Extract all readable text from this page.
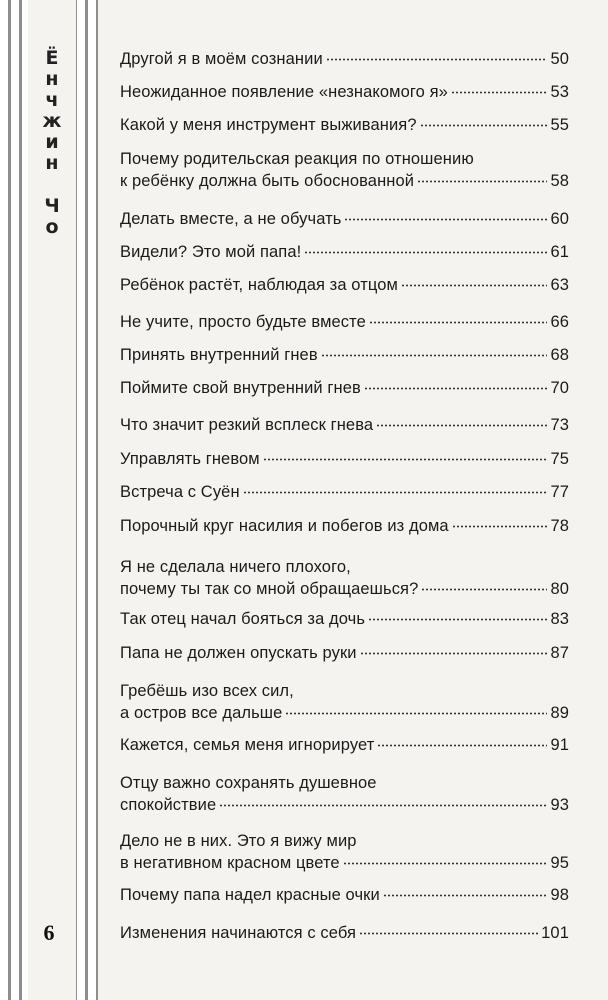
Ё
н
ч
ж
и
н
Ч
о
6
Другой я в моём сознании	50
Неожиданное появление «незнакомого я»	53
Какой у меня инструмент выживания?	55
Почему родительская реакция по отношению
к ребёнку должна быть обоснованной	58
Делать вместе, а не обучать	60
Видели? Это мой папа!	61
Ребёнок растёт, наблюдая за отцом	63
Не учите, просто будьте вместе	66
Принять внутренний гнев	68
Поймите свой внутренний гнев	70
Что значит резкий всплеск гнева	73
Управлять гневом	75
Встреча с Суён	77
Порочный круг насилия и побегов из дома	78
Я не сделала ничего плохого,
почему ты так со мной обращаешься?	80
Так отец начал бояться за дочь	83
Папа не должен опускать руки	87
Гребёшь изо всех сил,
а остров все дальше	89
Кажется, семья меня игнорирует	91
Отцу важно сохранять душевное
спокойствие	93
Дело не в них. Это я вижу мир
в негативном красном цвете	95
Почему папа надел красные очки	98
Изменения начинаются с себя	101
